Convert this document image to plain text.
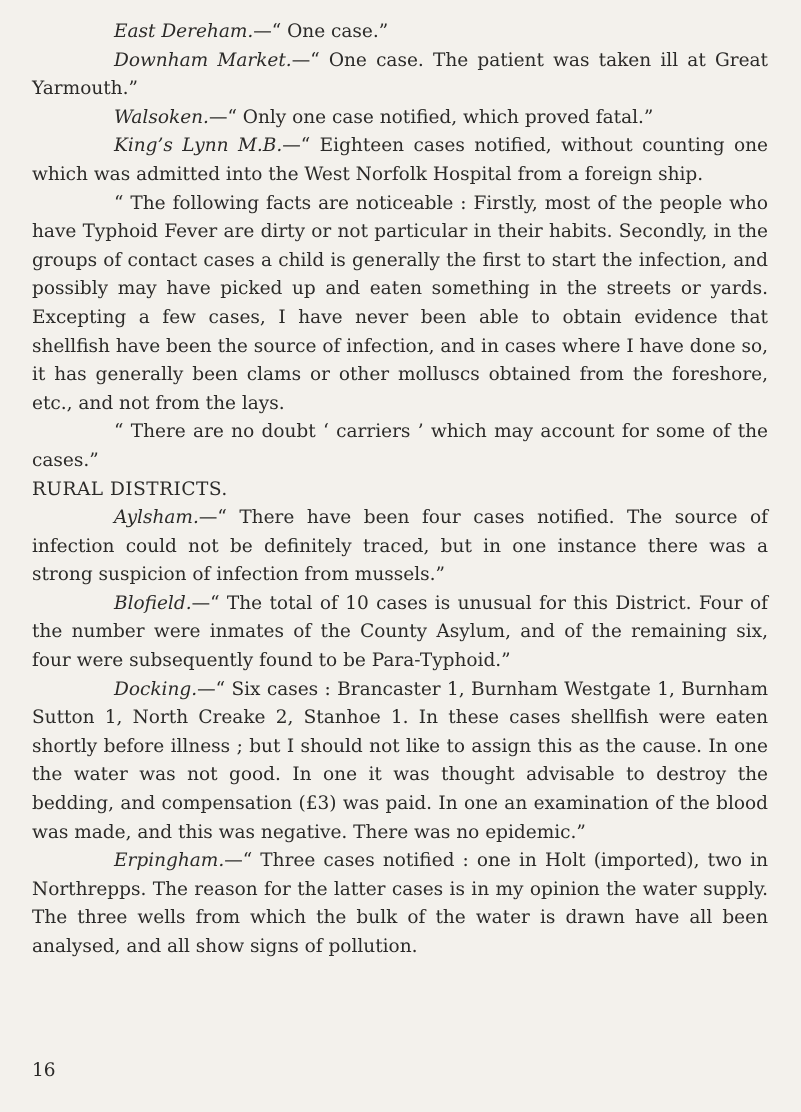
East Dereham.—“ One case.”

Downham Market.—“ One case. The patient was taken ill at Great Yarmouth.”

Walsoken.—“ Only one case notified, which proved fatal.”

King’s Lynn M.B.—“ Eighteen cases notified, without counting one which was admitted into the West Norfolk Hospital from a foreign ship.

“ The following facts are noticeable : Firstly, most of the people who have Typhoid Fever are dirty or not particular in their habits. Secondly, in the groups of contact cases a child is generally the first to start the infection, and possibly may have picked up and eaten something in the streets or yards. Excepting a few cases, I have never been able to obtain evidence that shellfish have been the source of infection, and in cases where I have done so, it has generally been clams or other molluscs obtained from the foreshore, etc., and not from the lays.

“ There are no doubt ‘ carriers ’ which may account for some of the cases.”

RURAL DISTRICTS.

Aylsham.—“ There have been four cases notified. The source of infection could not be definitely traced, but in one instance there was a strong suspicion of infection from mussels.”

Blofield.—“ The total of 10 cases is unusual for this District. Four of the number were inmates of the County Asylum, and of the remaining six, four were subsequently found to be Para-Typhoid.”

Docking.—“ Six cases : Brancaster 1, Burnham Westgate 1, Burnham Sutton 1, North Creake 2, Stanhoe 1. In these cases shellfish were eaten shortly before illness ; but I should not like to assign this as the cause. In one the water was not good. In one it was thought advisable to destroy the bedding, and compensation (£3) was paid. In one an examination of the blood was made, and this was negative. There was no epidemic.”

Erpingham.—“ Three cases notified : one in Holt (imported), two in Northrepps. The reason for the latter cases is in my opinion the water supply. The three wells from which the bulk of the water is drawn have all been analysed, and all show signs of pollution.

16
